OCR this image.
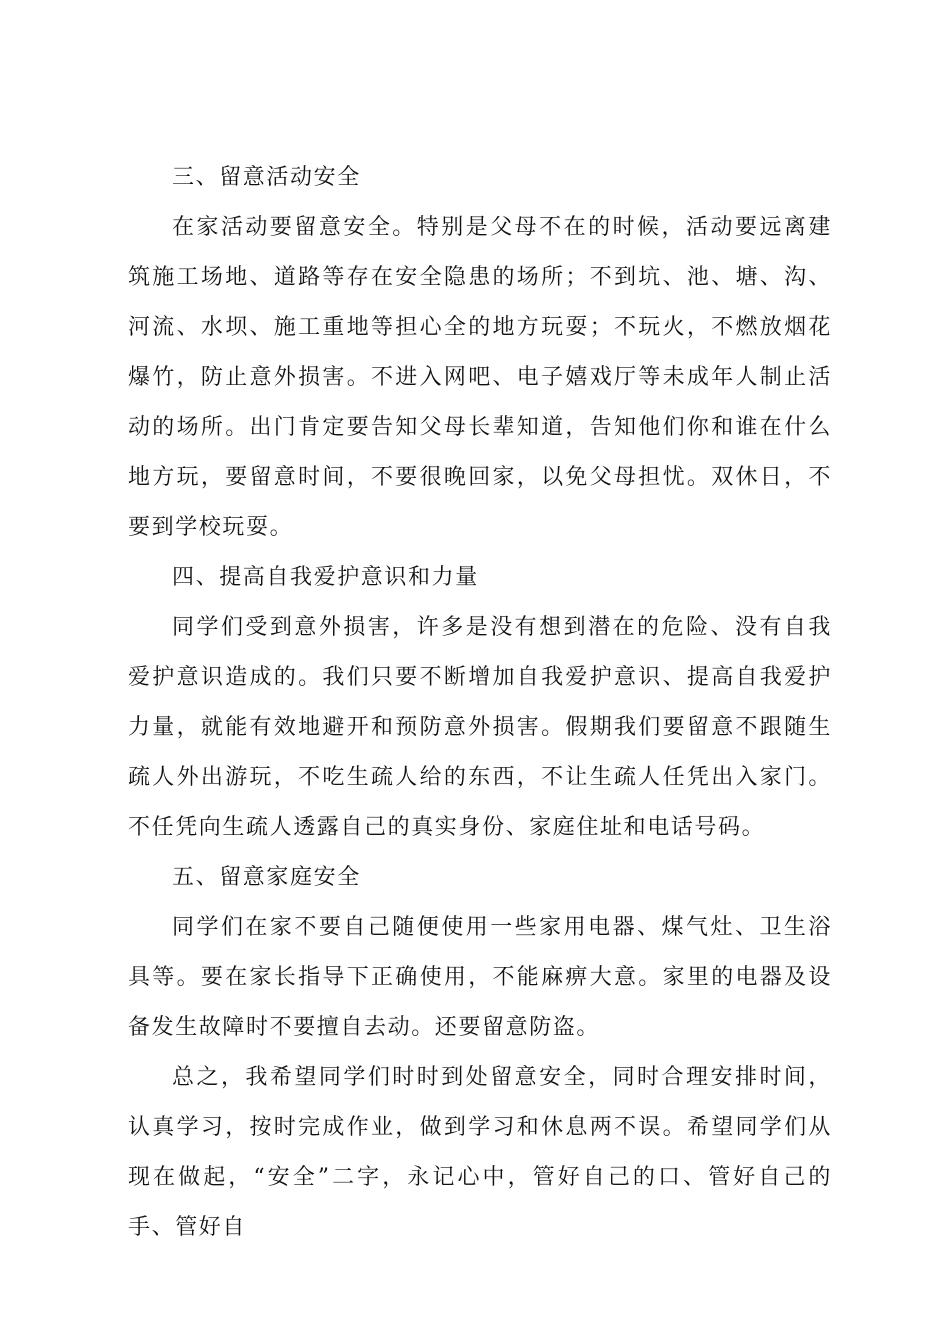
三、留意活动安全

在家活动要留意安全。特别是父母不在的时候，活动要远离建筑施工场地、道路等存在安全隐患的场所；不到坑、池、塘、沟、河流、水坝、施工重地等担心全的地方玩耍；不玩火，不燃放烟花爆竹，防止意外损害。不进入网吧、电子嬉戏厅等未成年人制止活动的场所。出门肯定要告知父母长辈知道，告知他们你和谁在什么地方玩，要留意时间，不要很晚回家，以免父母担忧。双休日，不要到学校玩耍。

四、提高自我爱护意识和力量

同学们受到意外损害，许多是没有想到潜在的危险、没有自我爱护意识造成的。我们只要不断增加自我爱护意识、提高自我爱护力量，就能有效地避开和预防意外损害。假期我们要留意不跟随生疏人外出游玩，不吃生疏人给的东西，不让生疏人任凭出入家门。不任凭向生疏人透露自己的真实身份、家庭住址和电话号码。

五、留意家庭安全

同学们在家不要自己随便使用一些家用电器、煤气灶、卫生浴具等。要在家长指导下正确使用，不能麻痹大意。家里的电器及设备发生故障时不要擅自去动。还要留意防盗。

总之，我希望同学们时时到处留意安全，同时合理安排时间，认真学习，按时完成作业，做到学习和休息两不误。希望同学们从现在做起，“安全”二字，永记心中，管好自己的口、管好自己的手、管好自
